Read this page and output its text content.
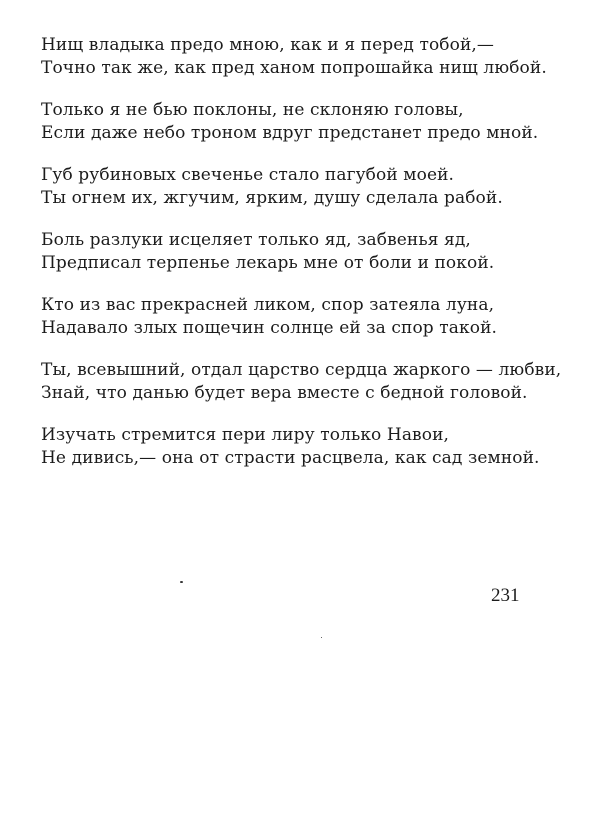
Нищ владыка предо мною, как и я перед тобой,—
Точно так же, как пред ханом попрошайка нищ любой.
Только я не бью поклоны, не склоняю головы,
Если даже небо троном вдруг предстанет предо мной.
Губ рубиновых свеченье стало пагубой моей.
Ты огнем их, жгучим, ярким, душу сделала рабой.
Боль разлуки исцеляет только яд, забвенья яд,
Предписал терпенье лекарь мне от боли и покой.
Кто из вас прекрасней ликом, спор затеяла луна,
Надавало злых пощечин солнце ей за спор такой.
Ты, всевышний, отдал царство сердца жаркого — любви,
Знай, что данью будет вера вместе с бедной головой.
Изучать стремится пери лиру только Навои,
Не дивись,— она от страсти расцвела, как сад земной.
231
